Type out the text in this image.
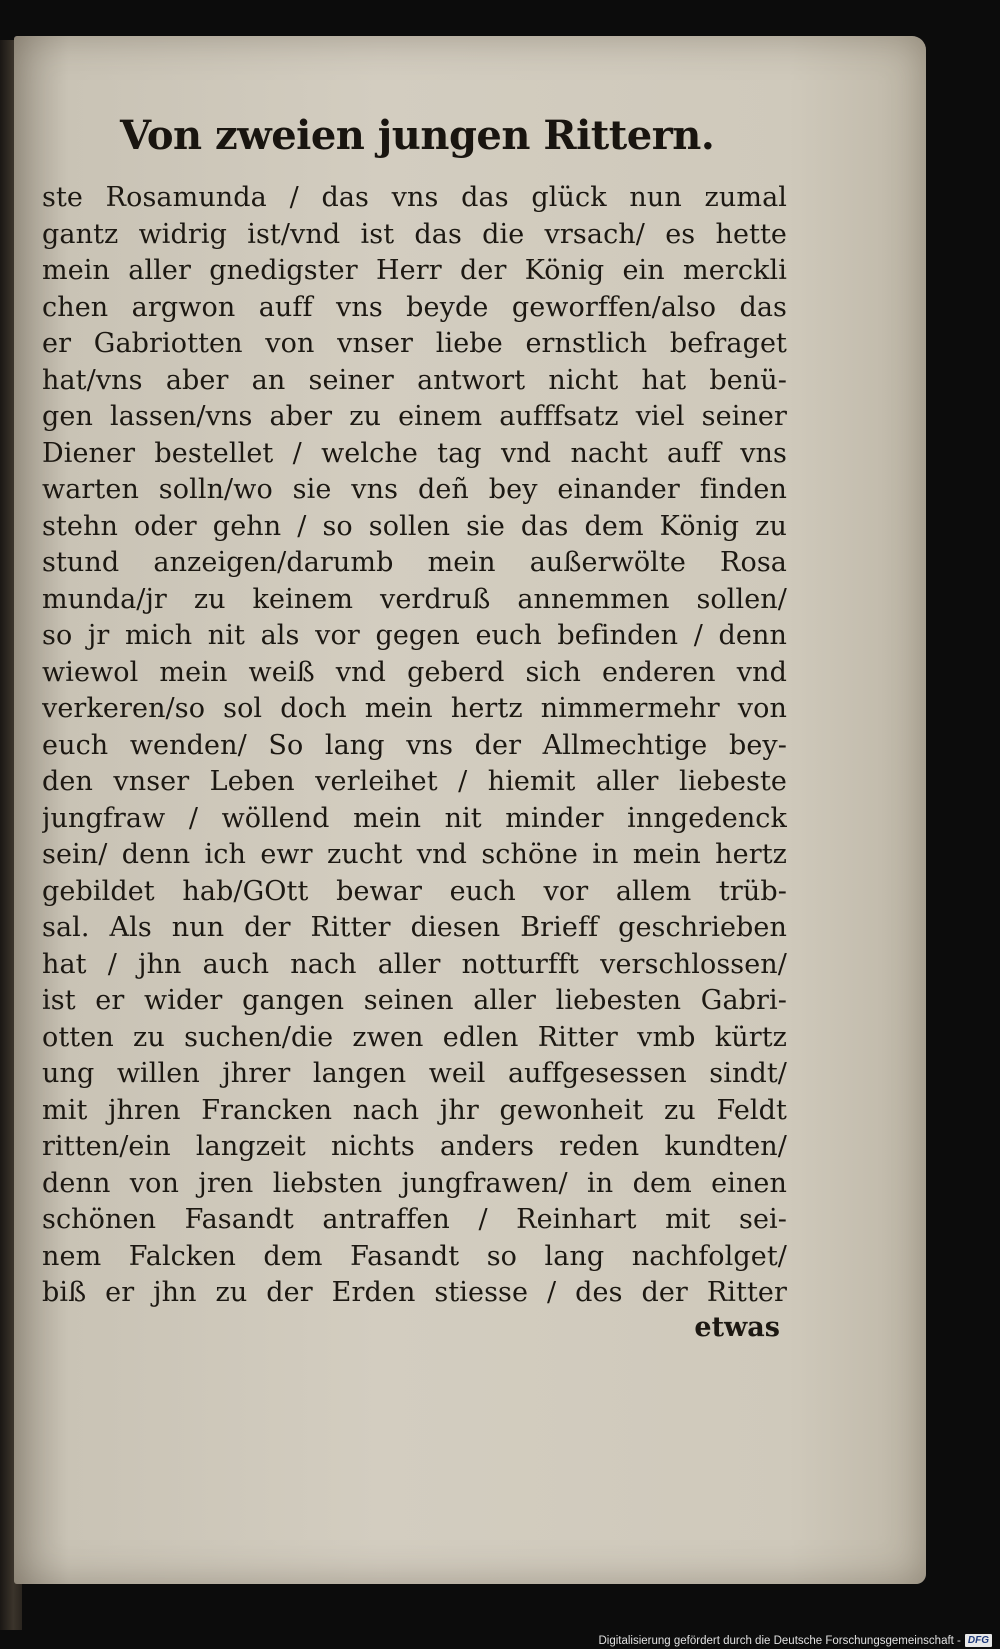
Von zweien jungen Rittern.
ste Rosamunda / das vns das glück nun zumal
gantz widrig ist/vnd ist das die vrsach/ es hette
mein aller gnedigster Herr der König ein merckli
chen argwon auff vns beyde geworffen/also das
er Gabriotten von vnser liebe ernstlich befraget
hat/vns aber an seiner antwort nicht hat benü-
gen lassen/vns aber zu einem aufffsatz viel seiner
Diener bestellet / welche tag vnd nacht auff vns
warten solln/wo sie vns deñ bey einander finden
stehn oder gehn / so sollen sie das dem König zu
stund anzeigen/darumb mein außerwölte Rosa
munda/jr zu keinem verdruß annemmen sollen/
so jr mich nit als vor gegen euch befinden / denn
wiewol mein weiß vnd geberd sich enderen vnd
verkeren/so sol doch mein hertz nimmermehr von
euch wenden/ So lang vns der Allmechtige bey-
den vnser Leben verleihet / hiemit aller liebeste
jungfraw / wöllend mein nit minder inngedenck
sein/ denn ich ewr zucht vnd schöne in mein hertz
gebildet hab/GOtt bewar euch vor allem trüb-
sal. Als nun der Ritter diesen Brieff geschrieben
hat / jhn auch nach aller notturfft verschlossen/
ist er wider gangen seinen aller liebesten Gabri-
otten zu suchen/die zwen edlen Ritter vmb kürtz
ung willen jhrer langen weil auffgesessen sindt/
mit jhren Francken nach jhr gewonheit zu Feldt
ritten/ein langzeit nichts anders reden kundten/
denn von jren liebsten jungfrawen/ in dem einen
schönen Fasandt antraffen / Reinhart mit sei-
nem Falcken dem Fasandt so lang nachfolget/
biß er jhn zu der Erden stiesse / des der Ritter
etwas
Digitalisierung gefördert durch die Deutsche Forschungsgemeinschaft - DFG
